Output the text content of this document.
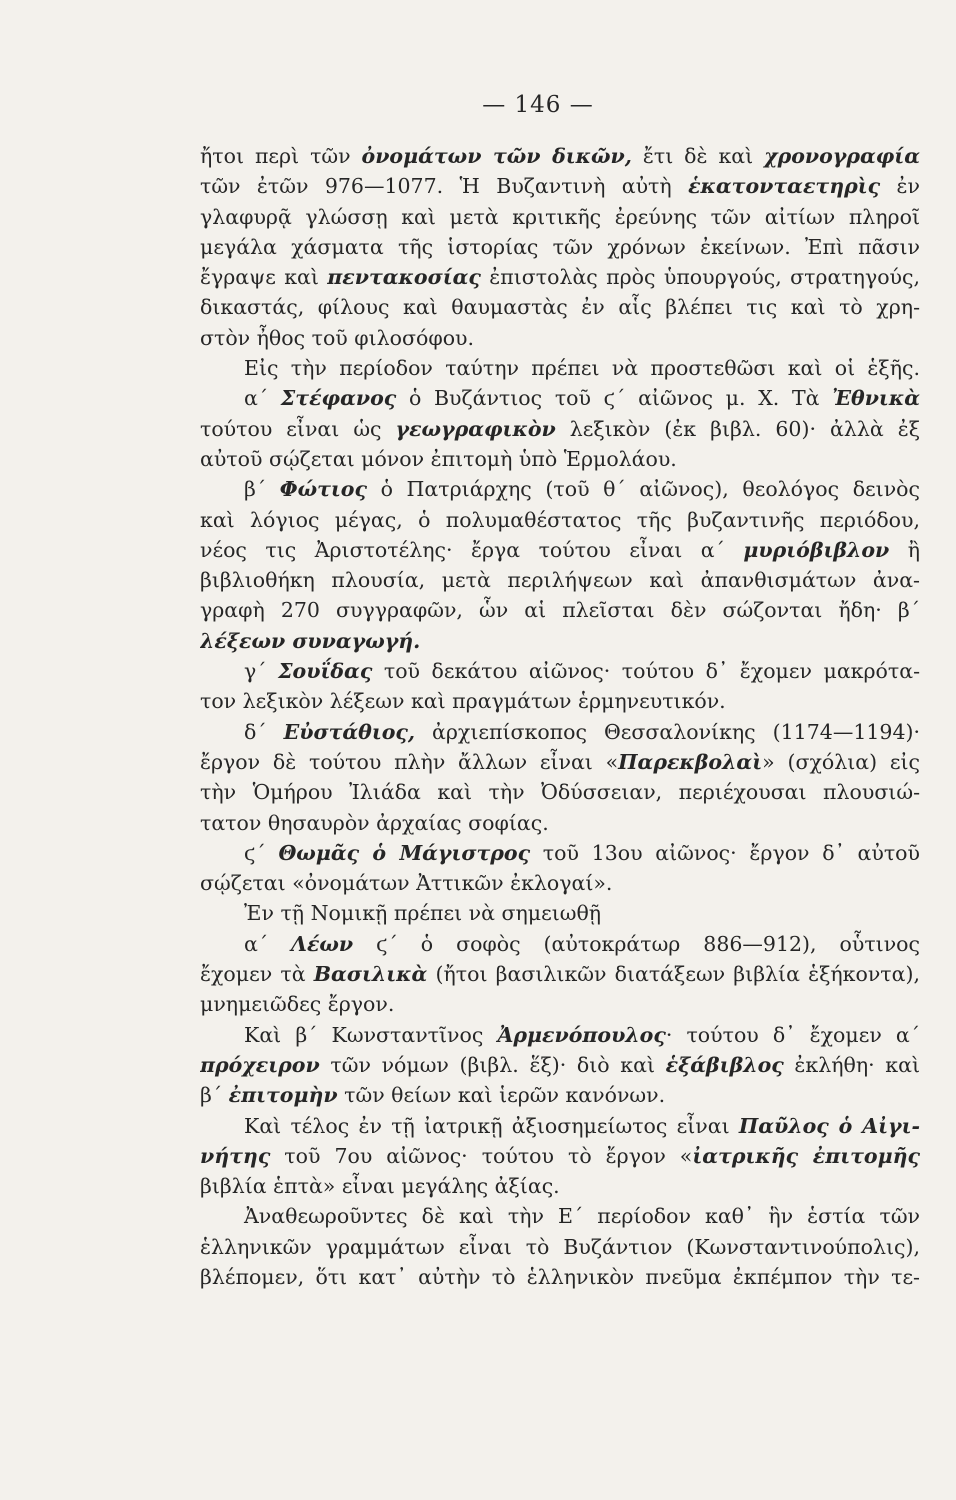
— 146 —
ἤτοι περὶ τῶν ὀνομάτων τῶν δικῶν, ἔτι δὲ καὶ χρονογραφία
τῶν ἐτῶν 976—1077. Ἡ Βυζαντινὴ αὐτὴ ἑκατονταετηρὶς ἐν
γλαφυρᾷ γλώσσῃ καὶ μετὰ κριτικῆς ἐρεύνης τῶν αἰτίων πληροῖ
μεγάλα χάσματα τῆς ἱστορίας τῶν χρόνων ἐκείνων. Ἐπὶ πᾶσιν
ἔγραψε καὶ πεντακοσίας ἐπιστολὰς πρὸς ὑπουργούς, στρατηγούς,
δικαστάς, φίλους καὶ θαυμαστὰς ἐν αἷς βλέπει τις καὶ τὸ χρη-
στὸν ἦθος τοῦ φιλοσόφου.
Εἰς τὴν περίοδον ταύτην πρέπει νὰ προστεθῶσι καὶ οἱ ἑξῆς.
α΄ Στέφανος ὁ Βυζάντιος τοῦ ϛ΄ αἰῶνος μ. Χ. Τὰ Ἐθνικὰ
τούτου εἶναι ὡς γεωγραφικὸν λεξικὸν (ἐκ βιβλ. 60)· ἀλλὰ ἐξ
αὐτοῦ σῴζεται μόνον ἐπιτομὴ ὑπὸ Ἑρμολάου.
β΄ Φώτιος ὁ Πατριάρχης (τοῦ θ΄ αἰῶνος), θεολόγος δεινὸς
καὶ λόγιος μέγας, ὁ πολυμαθέστατος τῆς βυζαντινῆς περιόδου,
νέος τις Ἀριστοτέλης· ἔργα τούτου εἶναι α΄ μυριόβιβλον ἢ
βιβλιοθήκη πλουσία, μετὰ περιλήψεων καὶ ἀπανθισμάτων ἀνα-
γραφὴ 270 συγγραφῶν, ὧν αἱ πλεῖσται δὲν σώζονται ἤδη· β΄
λέξεων συναγωγή.
γ΄ Σουΐδας τοῦ δεκάτου αἰῶνος· τούτου δ᾽ ἔχομεν μακρότα-
τον λεξικὸν λέξεων καὶ πραγμάτων ἑρμηνευτικόν.
δ΄ Εὐστάθιος, ἀρχιεπίσκοπος Θεσσαλονίκης (1174—1194)·
ἔργον δὲ τούτου πλὴν ἄλλων εἶναι «Παρεκβολαὶ» (σχόλια) εἰς
τὴν Ὁμήρου Ἰλιάδα καὶ τὴν Ὀδύσσειαν, περιέχουσαι πλουσιώ-
τατον θησαυρὸν ἀρχαίας σοφίας.
ϛ΄ Θωμᾶς ὁ Μάγιστρος τοῦ 13ου αἰῶνος· ἔργον δ᾽ αὐτοῦ
σῴζεται «ὀνομάτων Ἀττικῶν ἐκλογαί».
Ἐν τῇ Νομικῇ πρέπει νὰ σημειωθῇ
α΄ Λέων ϛ΄ ὁ σοφὸς (αὐτοκράτωρ 886—912), οὗτινος
ἔχομεν τὰ Βασιλικὰ (ἤτοι βασιλικῶν διατάξεων βιβλία ἑξήκοντα),
μνημειῶδες ἔργον.
Καὶ β΄ Κωνσταντῖνος Ἀρμενόπουλος· τούτου δ᾽ ἔχομεν α΄
πρόχειρον τῶν νόμων (βιβλ. ἕξ)· διὸ καὶ ἑξάβιβλος ἐκλήθη· καὶ
β΄ ἐπιτομὴν τῶν θείων καὶ ἱερῶν κανόνων.
Καὶ τέλος ἐν τῇ ἰατρικῇ ἀξιοσημείωτος εἶναι Παῦλος ὁ Αἰγι-
νήτης τοῦ 7ου αἰῶνος· τούτου τὸ ἔργον «ἰατρικῆς ἐπιτομῆς
βιβλία ἑπτὰ» εἶναι μεγάλης ἀξίας.
Ἀναθεωροῦντες δὲ καὶ τὴν Ε΄ περίοδον καθ᾽ ἣν ἑστία τῶν
ἑλληνικῶν γραμμάτων εἶναι τὸ Βυζάντιον (Κωνσταντινούπολις),
βλέπομεν, ὅτι κατ᾽ αὐτὴν τὸ ἑλληνικὸν πνεῦμα ἐκπέμπον τὴν τε-
